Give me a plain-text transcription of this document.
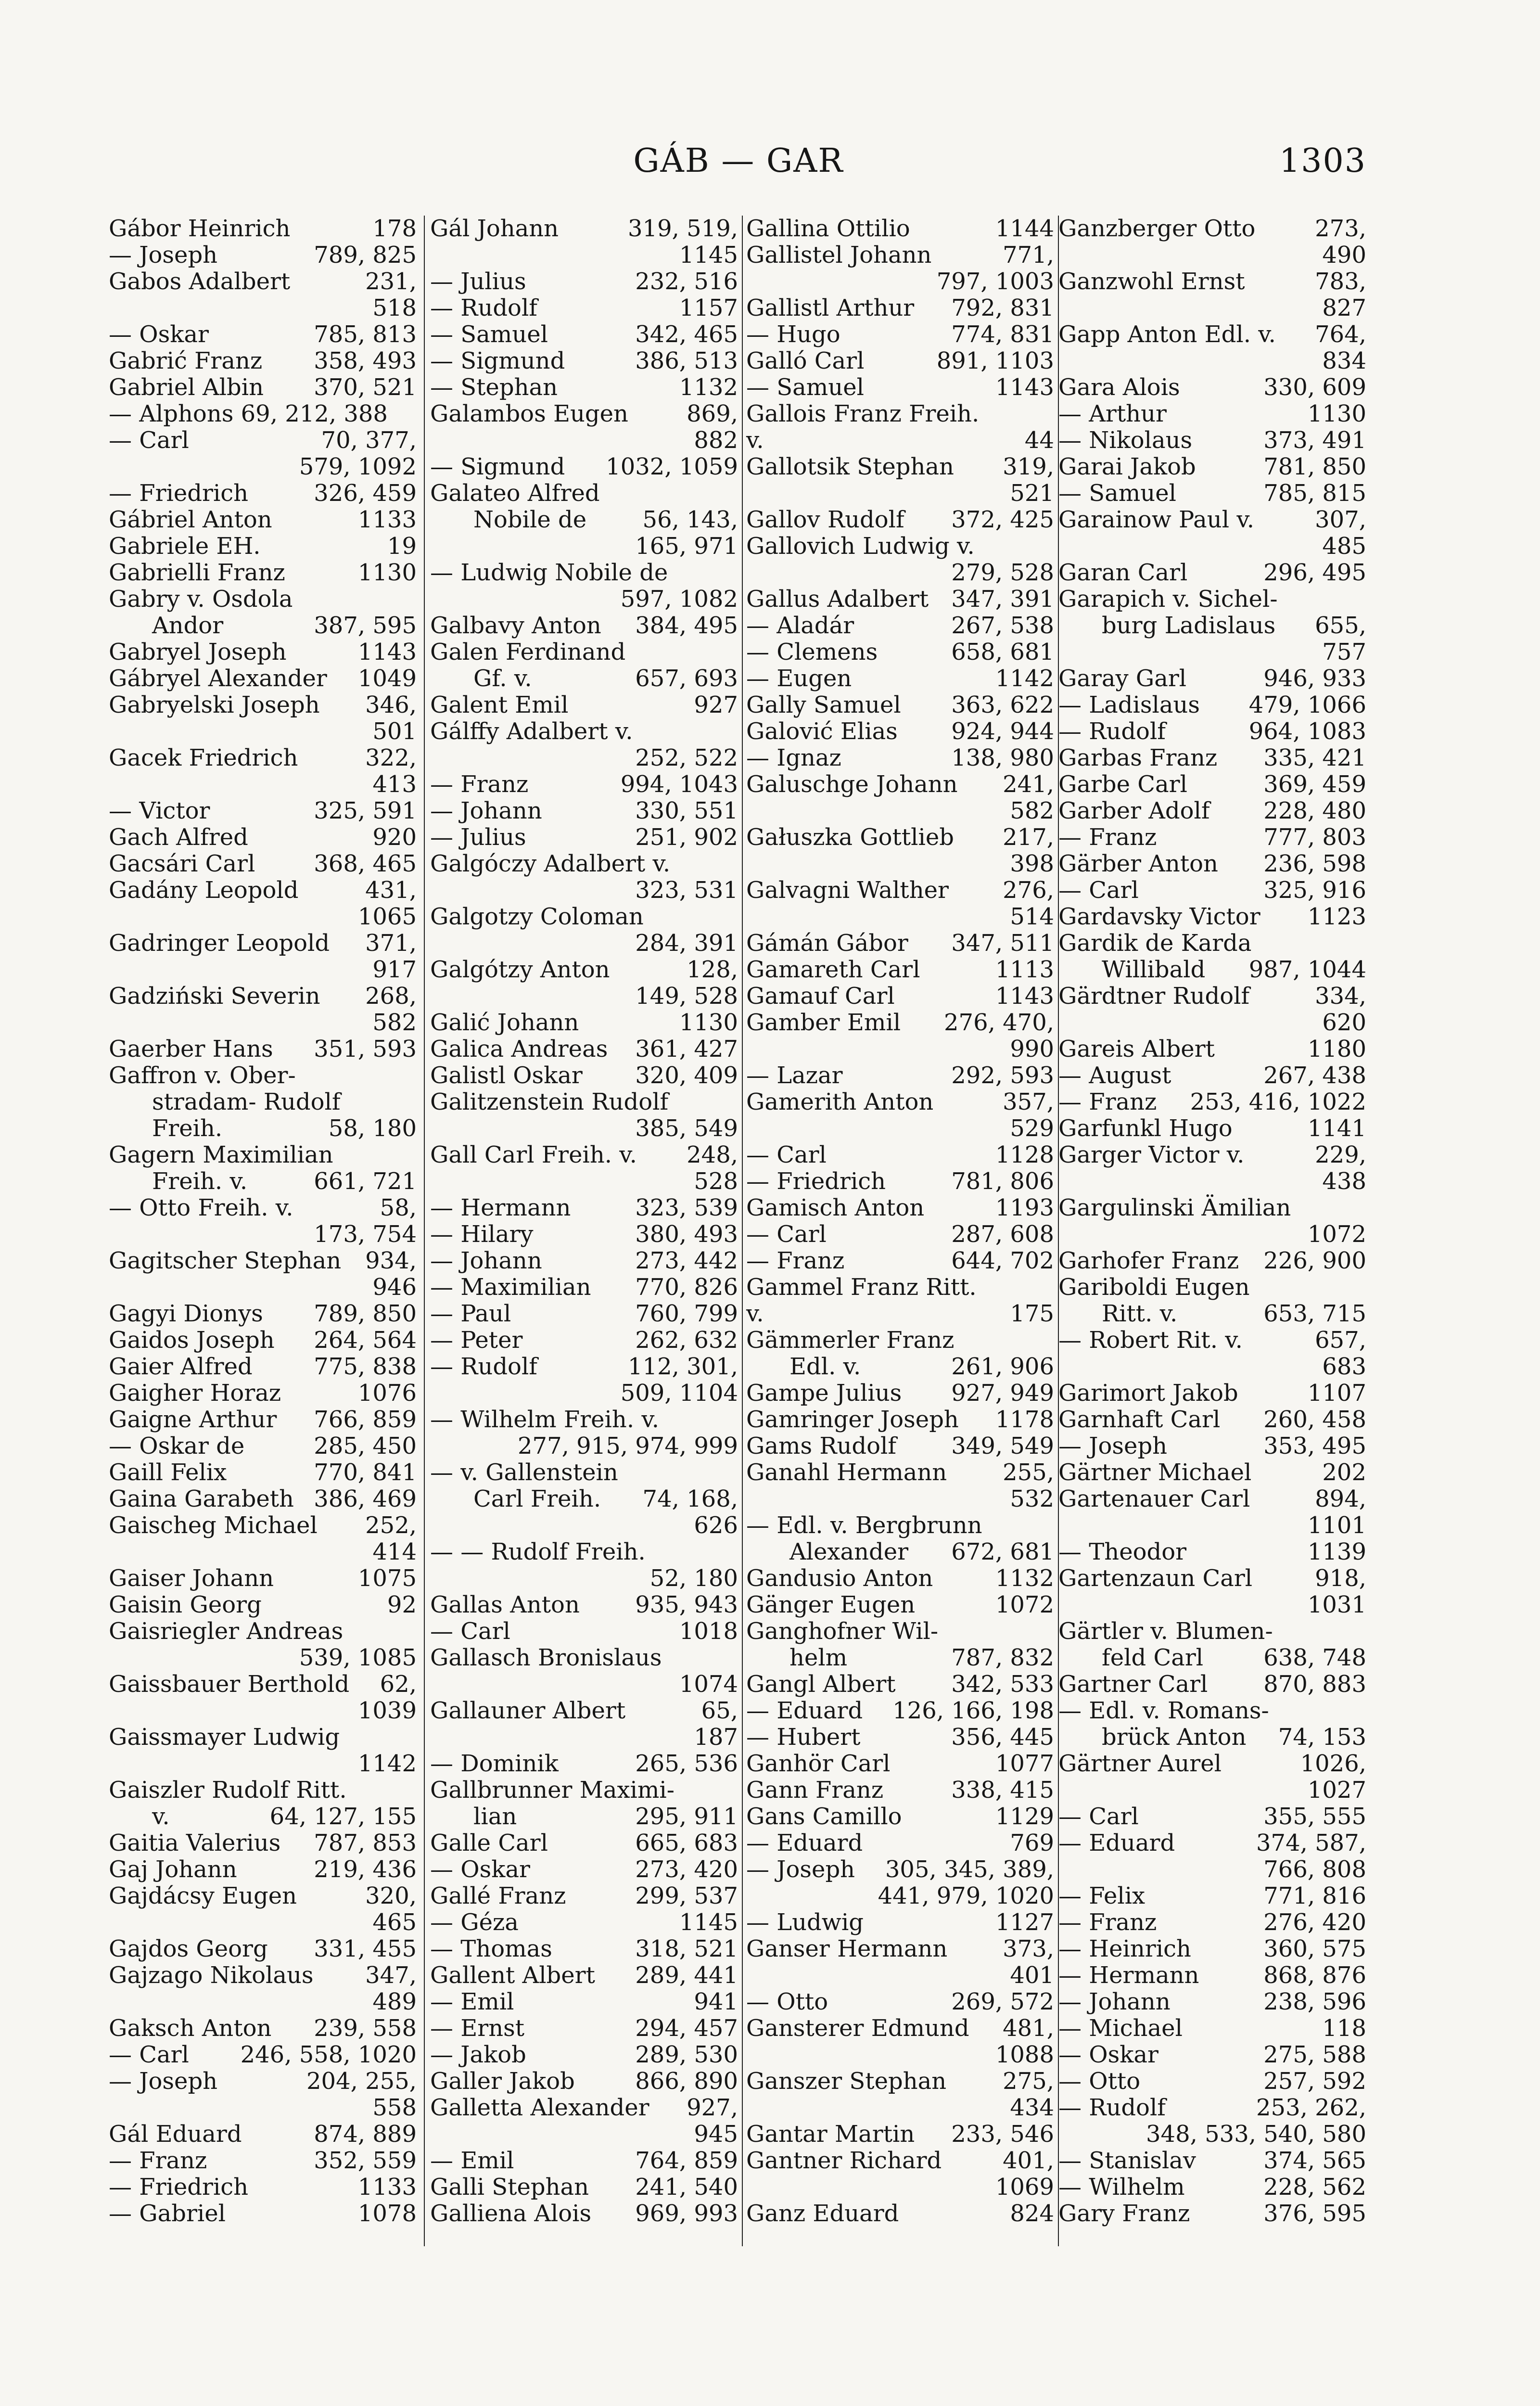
GÁB — GAR	1303
Gábor Heinrich	178
— Joseph	789, 825
Gabos Adalbert	231,
518
— Oskar	785, 813
Gabrić Franz 358, 493
Gabriel Albin 370, 521
— Alphons 69, 212, 388
— Carl	70, 377,
579, 1092
— Friedrich	326, 459
Gábriel Anton	1133
Gabriele EH.	19
Gabrielli Franz	1130
Gabry v. Osdola
Andor	387, 595
Gabryel Joseph	1143
Gábryel Alexander 1049
Gabryelski Joseph 346,
501
Gacek Friedrich	322,
413
— Victor	325, 591
Gach Alfred	920
Gacsári Carl	368, 465
Gadány Leopold	431,
1065
Gadringer Leopold 371,
917
Gadziński Severin 268,
582
Gaerber Hans 351, 593
Gaffron v. Ober-
stradam- Rudolf
Freih.	58, 180
Gagern Maximilian
Freih. v.	661, 721
— Otto Freih. v.	58,
173, 754
Gagitscher Stephan 934,
946
Gagyi Dionys 789, 850
Gaidos Joseph 264, 564
Gaier Alfred	775, 838
Gaigher Horaz	1076
Gaigne Arthur 766, 859
— Oskar de	285, 450
Gaill Felix	770, 841
Gaina Garabeth 386, 469
Gaischeg Michael 252,
414
Gaiser Johann	1075
Gaisin Georg	92
Gaisriegler Andreas
539, 1085
Gaissbauer Berthold 62,
1039
Gaissmayer Ludwig
1142
Gaiszler Rudolf Ritt.
v.	64, 127, 155
Gaitia Valerius 787, 853
Gaj Johann	219, 436
Gajdácsy Eugen	320,
465
Gajdos Georg 331, 455
Gajzago Nikolaus 347,
489
Gaksch Anton 239, 558
— Carl 246, 558, 1020
— Joseph	204, 255,
558
Gál Eduard	874, 889
— Franz	352, 559
— Friedrich	1133
— Gabriel	1078
Gál Johann	319, 519,
1145
— Julius	232, 516
— Rudolf	1157
— Samuel	342, 465
— Sigmund	386, 513
— Stephan	1132
Galambos Eugen	869,
882
— Sigmund 1032, 1059
Galateo Alfred
Nobile de 56, 143,
165, 971
— Ludwig Nobile de
597, 1082
Galbavy Anton 384, 495
Galen Ferdinand
Gf. v.	657, 693
Galent Emil	927
Gálffy Adalbert v.
252, 522
— Franz	994, 1043
— Johann	330, 551
— Julius	251, 902
Galgóczy Adalbert v.
323, 531
Galgotzy Coloman
284, 391
Galgótzy Anton	128,
149, 528
Galić Johann	1130
Galica Andreas 361, 427
Galistl Oskar 320, 409
Galitzenstein Rudolf
385, 549
Gall Carl Freih. v. 248,
528
— Hermann	323, 539
— Hilary	380, 493
— Johann	273, 442
— Maximilian 770, 826
— Paul	760, 799
— Peter	262, 632
— Rudolf	112, 301,
509, 1104
— Wilhelm Freih. v.
277, 915, 974, 999
— v. Gallenstein
Carl Freih. 74, 168,
626
— — Rudolf Freih.
52, 180
Gallas Anton 935, 943
— Carl	1018
Gallasch Bronislaus
1074
Gallauner Albert	65,
187
— Dominik	265, 536
Gallbrunner Maximi-
lian	295, 911
Galle Carl	665, 683
— Oskar	273, 420
Gallé Franz	299, 537
— Géza	1145
— Thomas	318, 521
Gallent Albert 289, 441
— Emil	941
— Ernst	294, 457
— Jakob	289, 530
Galler Jakob	866, 890
Galletta Alexander 927,
945
— Emil	764, 859
Galli Stephan 241, 540
Galliena Alois 969, 993
Gallina Ottilio	1144
Gallistel Johann	771,
797, 1003
Gallistl Arthur 792, 831
— Hugo	774, 831
Galló Carl	891, 1103
— Samuel	1143
Gallois Franz Freih.
v.	44
Gallotsik Stephan 319,
521
Gallov Rudolf 372, 425
Gallovich Ludwig v.
279, 528
Gallus Adalbert 347, 391
— Aladár	267, 538
— Clemens	658, 681
— Eugen	1142
Gally Samuel 363, 622
Galović Elias 924, 944
— Ignaz	138, 980
Galuschge Johann 241,
582
Gałuszka Gottlieb 217,
398
Galvagni Walther 276,
514
Gámán Gábor 347, 511
Gamareth Carl	1113
Gamauf Carl	1143
Gamber Emil 276, 470,
990
— Lazar	292, 593
Gamerith Anton	357,
529
— Carl	1128
— Friedrich	781, 806
Gamisch Anton	1193
— Carl	287, 608
— Franz	644, 702
Gammel Franz Ritt.
v.	175
Gämmerler Franz
Edl. v.	261, 906
Gampe Julius 927, 949
Gamringer Joseph 1178
Gams Rudolf 349, 549
Ganahl Hermann 255,
532
— Edl. v. Bergbrunn
Alexander 672, 681
Gandusio Anton	1132
Gänger Eugen	1072
Ganghofner Wil-
helm	787, 832
Gangl Albert 342, 533
— Eduard 126, 166, 198
— Hubert	356, 445
Ganhör Carl	1077
Gann Franz	338, 415
Gans Camillo	1129
— Eduard	769
— Joseph 305, 345, 389,
441, 979, 1020
— Ludwig	1127
Ganser Hermann 373,
401
— Otto	269, 572
Gansterer Edmund 481,
1088
Ganszer Stephan 275,
434
Gantar Martin 233, 546
Gantner Richard	401,
1069
Ganz Eduard	824
Ganzberger Otto	273,
490
Ganzwohl Ernst	783,
827
Gapp Anton Edl. v. 764,
834
Gara Alois	330, 609
— Arthur	1130
— Nikolaus	373, 491
Garai Jakob	781, 850
— Samuel	785, 815
Garainow Paul v.	307,
485
Garan Carl	296, 495
Garapich v. Sichel-
burg Ladislaus 655,
757
Garay Garl	946, 933
— Ladislaus 479, 1066
— Rudolf	964, 1083
Garbas Franz 335, 421
Garbe Carl	369, 459
Garber Adolf 228, 480
— Franz	777, 803
Gärber Anton 236, 598
— Carl	325, 916
Gardavsky Victor 1123
Gardik de Karda
Willibald 987, 1044
Gärdtner Rudolf	334,
620
Gareis Albert	1180
— August	267, 438
— Franz 253, 416, 1022
Garfunkl Hugo	1141
Garger Victor v.	229,
438
Gargulinski Ämilian
1072
Garhofer Franz 226, 900
Gariboldi Eugen
Ritt. v.	653, 715
— Robert Rit. v.	657,
683
Garimort Jakob	1107
Garnhaft Carl 260, 458
— Joseph	353, 495
Gärtner Michael	202
Gartenauer Carl	894,
1101
— Theodor	1139
Gartenzaun Carl	918,
1031
Gärtler v. Blumen-
feld Carl	638, 748
Gartner Carl 870, 883
— Edl. v. Romans-
brück Anton 74, 153
Gärtner Aurel	1026,
1027
— Carl	355, 555
— Eduard	374, 587,
766, 808
— Felix	771, 816
— Franz	276, 420
— Heinrich	360, 575
— Hermann	868, 876
— Johann	238, 596
— Michael	118
— Oskar	275, 588
— Otto	257, 592
— Rudolf	253, 262,
348, 533, 540, 580
— Stanislav	374, 565
— Wilhelm	228, 562
Gary Franz	376, 595
